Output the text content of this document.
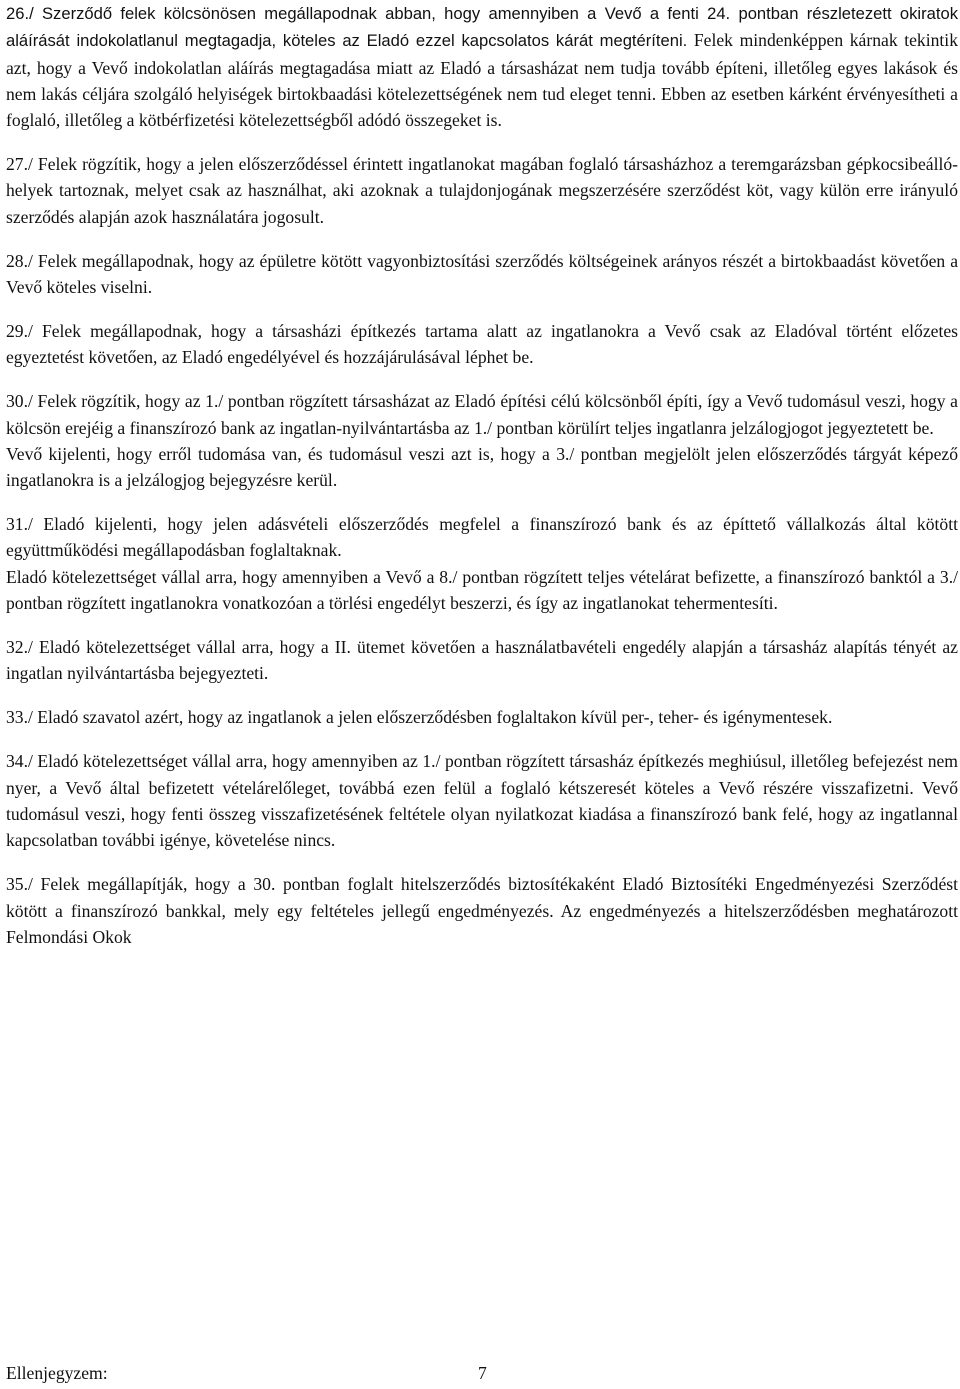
26./ Szerződő felek kölcsönösen megállapodnak abban, hogy amennyiben a Vevő a fenti 24. pontban részletezett okiratok aláírását indokolatlanul megtagadja, köteles az Eladó ezzel kapcsolatos kárát megtéríteni. Felek mindenképpen kárnak tekintik azt, hogy a Vevő indokolatlan aláírás megtagadása miatt az Eladó a társasházat nem tudja tovább építeni, illetőleg egyes lakások és nem lakás céljára szolgáló helyiségek birtokbaadási kötelezettségének nem tud eleget tenni. Ebben az esetben kárként érvényesítheti a foglaló, illetőleg a kötbérfizetési kötelezettségből adódó összegeket is.

27./ Felek rögzítik, hogy a jelen előszerződéssel érintett ingatlanokat magában foglaló társasházhoz a teremgarázsban gépkocsibeálló-helyek tartoznak, melyet csak az használhat, aki azoknak a tulajdonjogának megszerzésére szerződést köt, vagy külön erre irányuló szerződés alapján azok használatára jogosult.

28./ Felek megállapodnak, hogy az épületre kötött vagyonbiztosítási szerződés költségeinek arányos részét a birtokbaadást követően a Vevő köteles viselni.

29./ Felek megállapodnak, hogy a társasházi építkezés tartama alatt az ingatlanokra a Vevő csak az Eladóval történt előzetes egyeztetést követően, az Eladó engedélyével és hozzájárulásával léphet be.

30./ Felek rögzítik, hogy az 1./ pontban rögzített társasházat az Eladó építési célú kölcsönből építi, így a Vevő tudomásul veszi, hogy a kölcsön erejéig a finanszírozó bank az ingatlan-nyilvántartásba az 1./ pontban körülírt teljes ingatlanra jelzálogjogot jegyeztetett be.
Vevő kijelenti, hogy erről tudomása van, és tudomásul veszi azt is, hogy a 3./ pontban megjelölt jelen előszerződés tárgyát képező ingatlanokra is a jelzálogjog bejegyzésre kerül.

31./ Eladó kijelenti, hogy jelen adásvételi előszerződés megfelel a finanszírozó bank és az építtető vállalkozás által kötött együttműködési megállapodásban foglaltaknak.
Eladó kötelezettséget vállal arra, hogy amennyiben a Vevő a 8./ pontban rögzített teljes vételárat befizette, a finanszírozó banktól a 3./ pontban rögzített ingatlanokra vonatkozóan a törlési engedélyt beszerzi, és így az ingatlanokat tehermentesíti.

32./ Eladó kötelezettséget vállal arra, hogy a II. ütemet követően a használatbavételi engedély alapján a társasház alapítás tényét az ingatlan nyilvántartásba bejegyezteti.

33./ Eladó szavatol azért, hogy az ingatlanok a jelen előszerződésben foglaltakon kívül per-, teher- és igénymentesek.

34./ Eladó kötelezettséget vállal arra, hogy amennyiben az 1./ pontban rögzített társasház építkezés meghiúsul, illetőleg befejezést nem nyer, a Vevő által befizetett vételárelőleget, továbbá ezen felül a foglaló kétszeresét köteles a Vevő részére visszafizetni. Vevő tudomásul veszi, hogy fenti összeg visszafizetésének feltétele olyan nyilatkozat kiadása a finanszírozó bank felé, hogy az ingatlannal kapcsolatban további igénye, követelése nincs.

35./ Felek megállapítják, hogy a 30. pontban foglalt hitelszerződés biztosítékaként Eladó Biztosítéki Engedményezési Szerződést kötött a finanszírozó bankkal, mely egy feltételes jellegű engedményezés. Az engedményezés a hitelszerződésben meghatározott Felmondási Okok

Ellenjegyzem:	7
